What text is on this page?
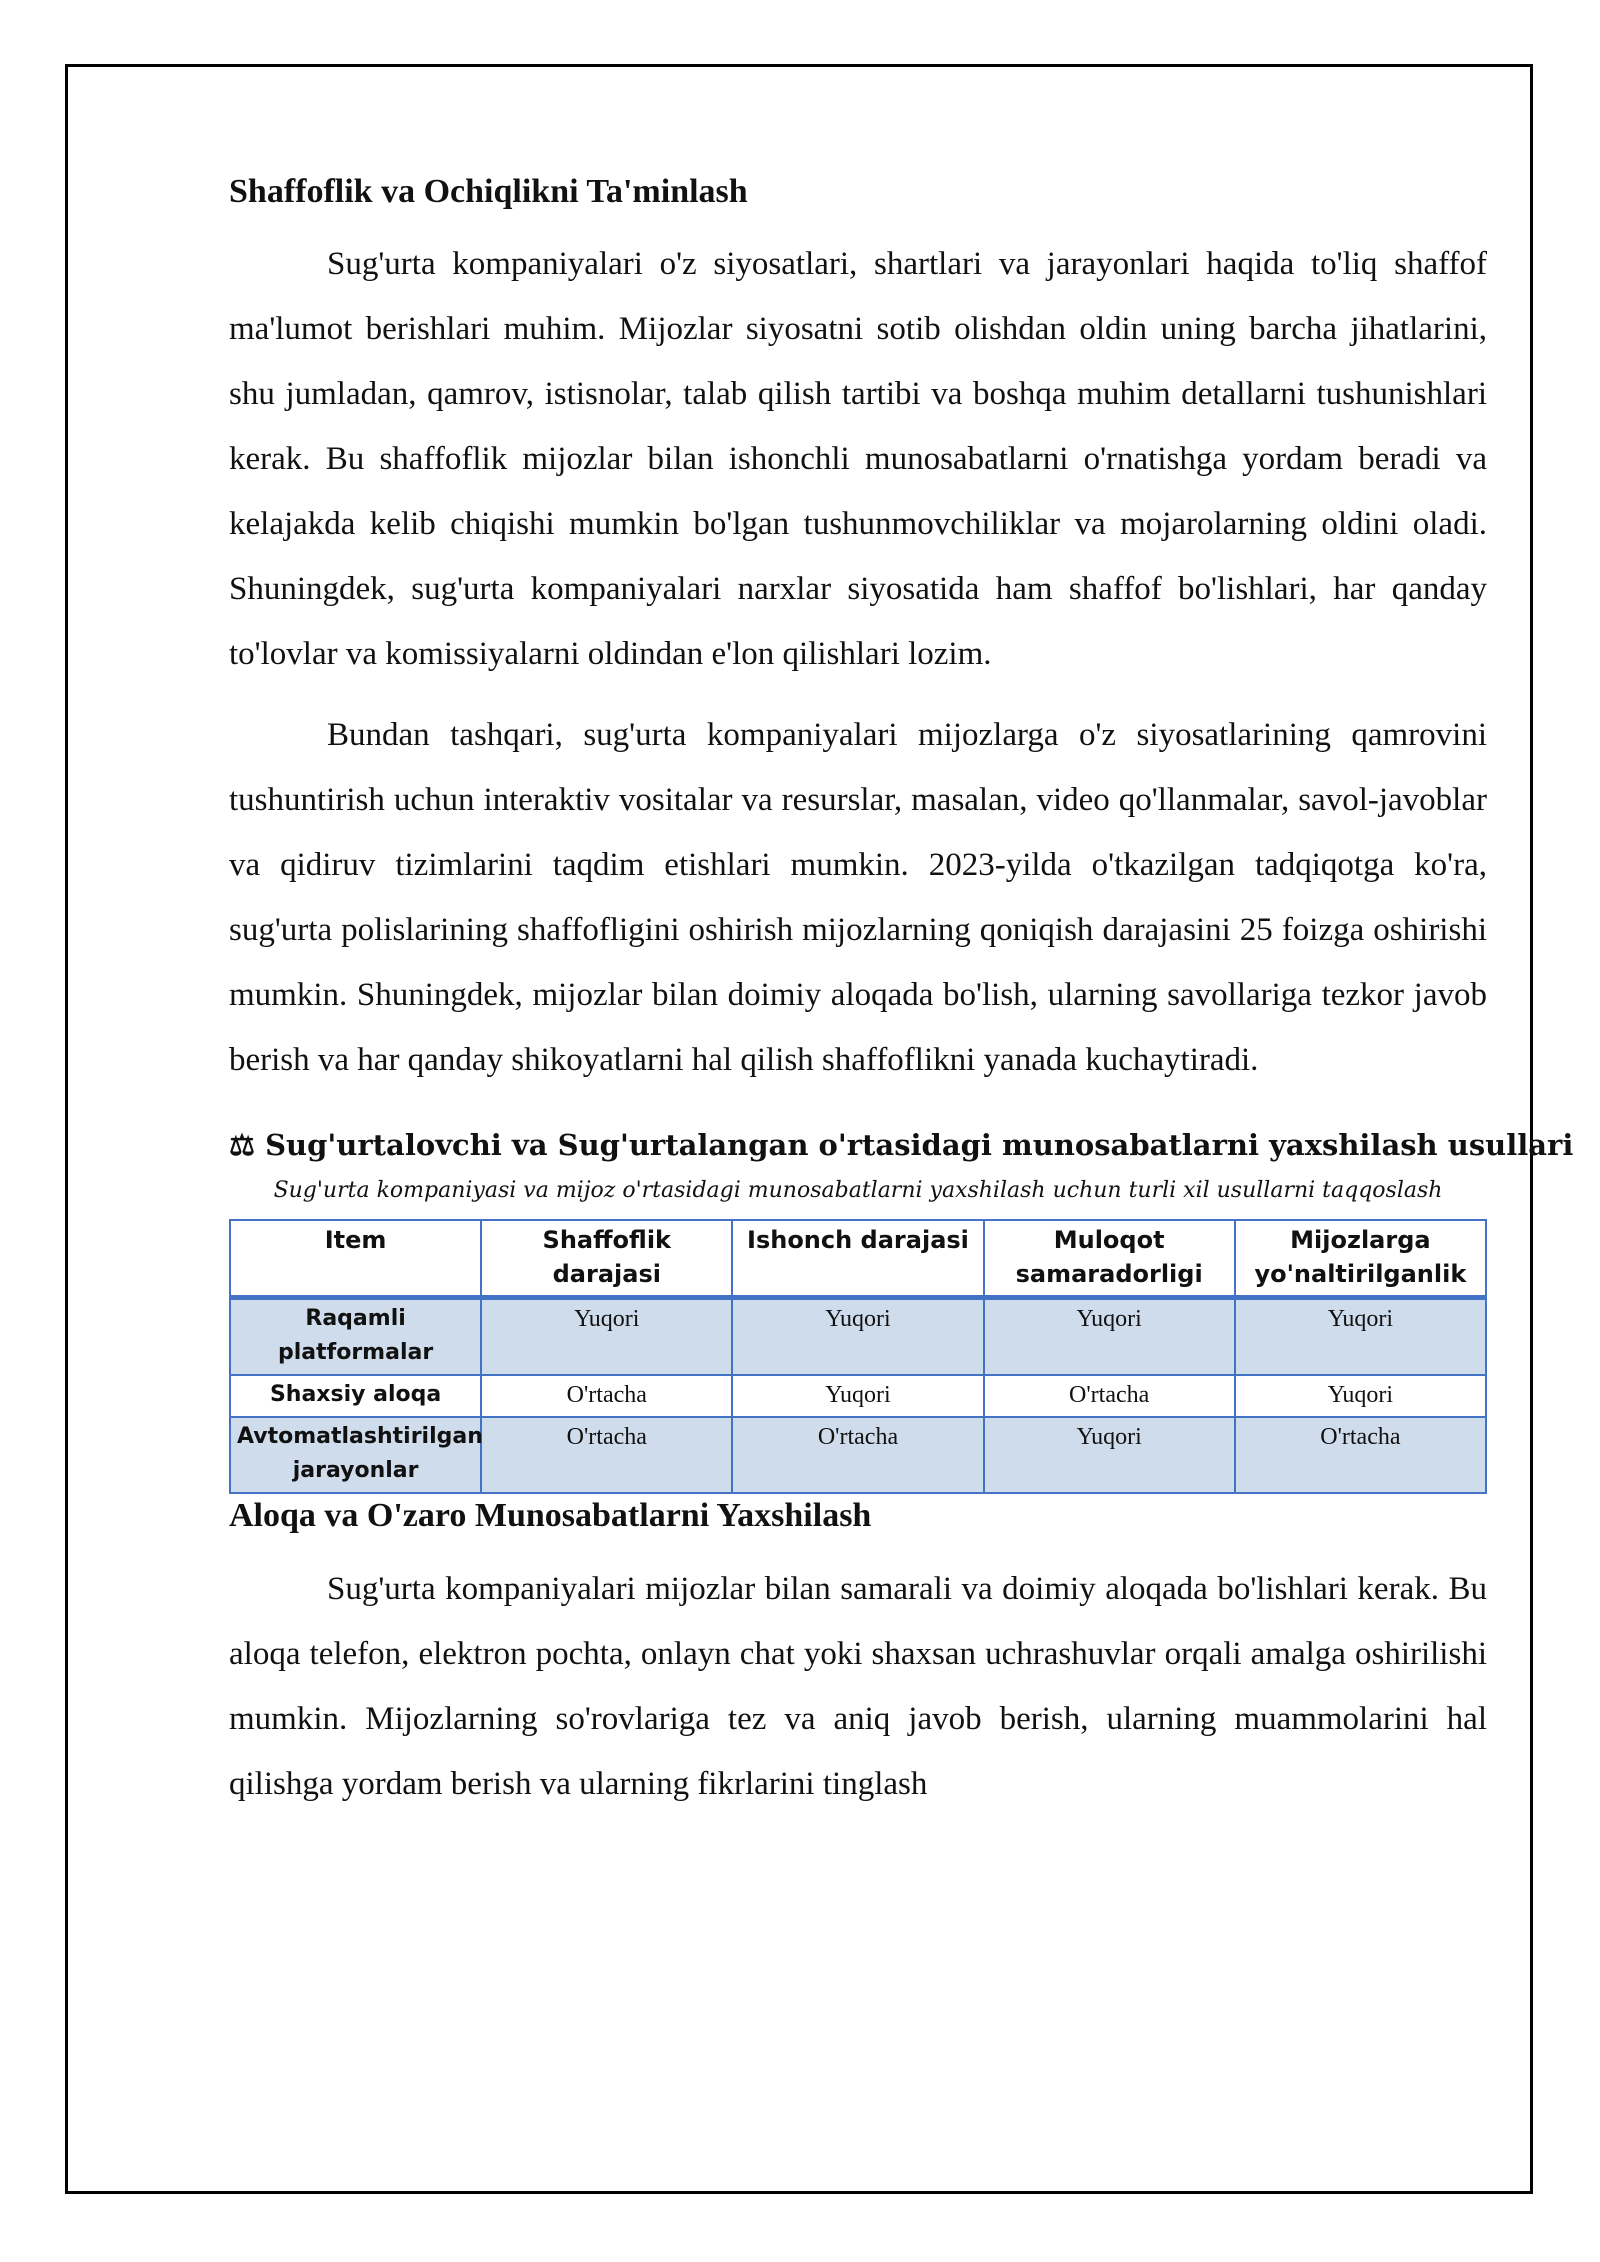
Shaffoflik va Ochiqlikni Ta'minlash

Sug'urta kompaniyalari o'z siyosatlari, shartlari va jarayonlari haqida to'liq shaffof ma'lumot berishlari muhim. Mijozlar siyosatni sotib olishdan oldin uning barcha jihatlarini, shu jumladan, qamrov, istisnolar, talab qilish tartibi va boshqa muhim detallarni tushunishlari kerak. Bu shaffoflik mijozlar bilan ishonchli munosabatlarni o'rnatishga yordam beradi va kelajakda kelib chiqishi mumkin bo'lgan tushunmovchiliklar va mojarolarning oldini oladi. Shuningdek, sug'urta kompaniyalari narxlar siyosatida ham shaffof bo'lishlari, har qanday to'lovlar va komissiyalarni oldindan e'lon qilishlari lozim.

Bundan tashqari, sug'urta kompaniyalari mijozlarga o'z siyosatlarining qamrovini tushuntirish uchun interaktiv vositalar va resurslar, masalan, video qo'llanmalar, savol-javoblar va qidiruv tizimlarini taqdim etishlari mumkin. 2023-yilda o'tkazilgan tadqiqotga ko'ra, sug'urta polislarining shaffofligini oshirish mijozlarning qoniqish darajasini 25 foizga oshirishi mumkin. Shuningdek, mijozlar bilan doimiy aloqada bo'lish, ularning savollariga tezkor javob berish va har qanday shikoyatlarni hal qilish shaffoflikni yanada kuchaytiradi.

⚖ Sug'urtalovchi va Sug'urtalangan o'rtasidagi munosabatlarni yaxshilash usullari
Sug'urta kompaniyasi va mijoz o'rtasidagi munosabatlarni yaxshilash uchun turli xil usullarni taqqoslash
Item	Shaffoflik darajasi	Ishonch darajasi	Muloqot samaradorligi	Mijozlarga yo'naltirilganlik
Raqamli platformalar	Yuqori	Yuqori	Yuqori	Yuqori
Shaxsiy aloqa	O'rtacha	Yuqori	O'rtacha	Yuqori
Avtomatlashtirilgan jarayonlar	O'rtacha	O'rtacha	Yuqori	O'rtacha
Aloqa va O'zaro Munosabatlarni Yaxshilash

Sug'urta kompaniyalari mijozlar bilan samarali va doimiy aloqada bo'lishlari kerak. Bu aloqa telefon, elektron pochta, onlayn chat yoki shaxsan uchrashuvlar orqali amalga oshirilishi mumkin. Mijozlarning so'rovlariga tez va aniq javob berish, ularning muammolarini hal qilishga yordam berish va ularning fikrlarini tinglash
